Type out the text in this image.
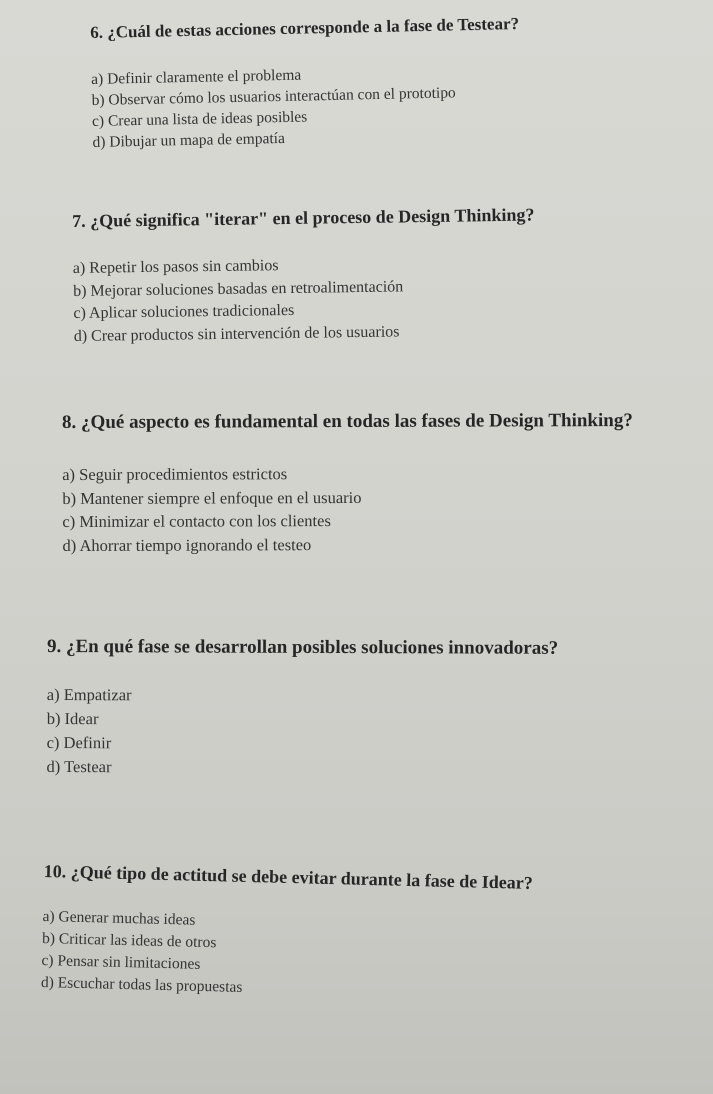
6. ¿Cuál de estas acciones corresponde a la fase de Testear?

a) Definir claramente el problema
b) Observar cómo los usuarios interactúan con el prototipo
c) Crear una lista de ideas posibles
d) Dibujar un mapa de empatía

7. ¿Qué significa "iterar" en el proceso de Design Thinking?

a) Repetir los pasos sin cambios
b) Mejorar soluciones basadas en retroalimentación
c) Aplicar soluciones tradicionales
d) Crear productos sin intervención de los usuarios

8. ¿Qué aspecto es fundamental en todas las fases de Design Thinking?

a) Seguir procedimientos estrictos
b) Mantener siempre el enfoque en el usuario
c) Minimizar el contacto con los clientes
d) Ahorrar tiempo ignorando el testeo

9. ¿En qué fase se desarrollan posibles soluciones innovadoras?

a) Empatizar
b) Idear
c) Definir
d) Testear

10. ¿Qué tipo de actitud se debe evitar durante la fase de Idear?

a) Generar muchas ideas
b) Criticar las ideas de otros
c) Pensar sin limitaciones
d) Escuchar todas las propuestas
